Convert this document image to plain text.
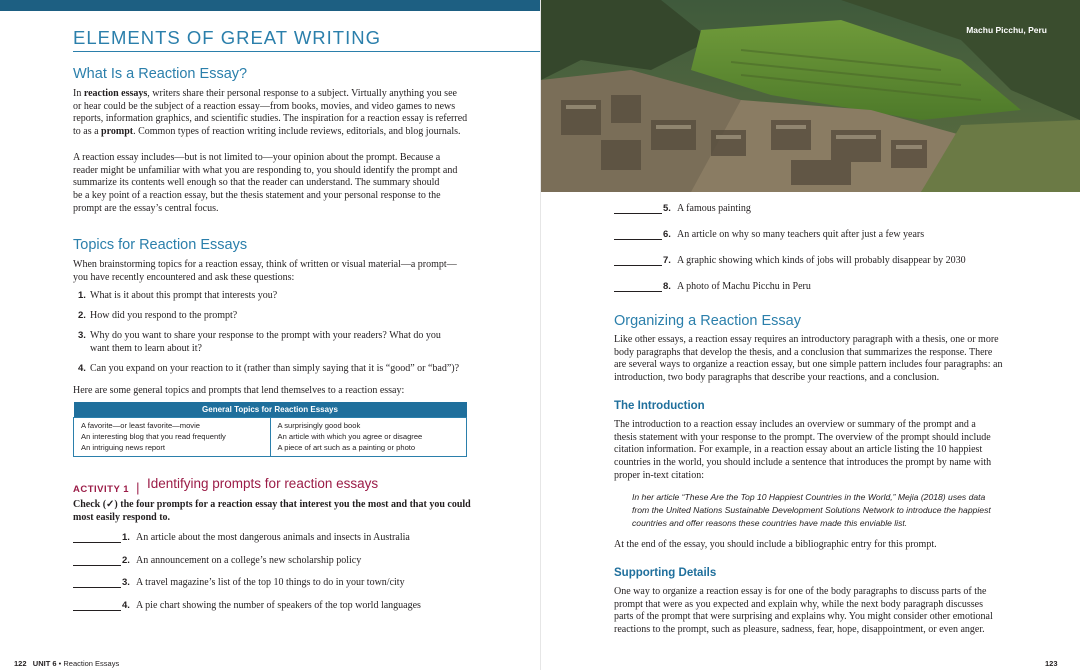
ELEMENTS OF GREAT WRITING
What Is a Reaction Essay?
In reaction essays, writers share their personal response to a subject. Virtually anything you see
or hear could be the subject of a reaction essay—from books, movies, and video games to news
reports, information graphics, and scientific studies. The inspiration for a reaction essay is referred
to as a prompt. Common types of reaction writing include reviews, editorials, and blog journals.
A reaction essay includes—but is not limited to—your opinion about the prompt. Because a
reader might be unfamiliar with what you are responding to, you should identify the prompt and
summarize its contents well enough so that the reader can understand. The summary should
be a key point of a reaction essay, but the thesis statement and your personal response to the
prompt are the essay’s central focus.
Topics for Reaction Essays
When brainstorming topics for a reaction essay, think of written or visual material—a prompt—
you have recently encountered and ask these questions:
1. What is it about this prompt that interests you?
2. How did you respond to the prompt?
3. Why do you want to share your response to the prompt with your readers? What do you
want them to learn about it?
4. Can you expand on your reaction to it (rather than simply saying that it is “good” or “bad”)?
Here are some general topics and prompts that lend themselves to a reaction essay:
General Topics for Reaction Essays

A favorite—or least favorite—movie
An interesting blog that you read frequently
An intriguing news report

A surprisingly good book
An article with which you agree or disagree
A piece of art such as a painting or photo
ACTIVITY 1 | Identifying prompts for reaction essays
Check (✓) the four prompts for a reaction essay that interest you the most and that you could
most easily respond to.
1. An article about the most dangerous animals and insects in Australia
2. An announcement on a college’s new scholarship policy
3. A travel magazine’s list of the top 10 things to do in your town/city
4. A pie chart showing the number of speakers of the top world languages
122 UNIT 6 • Reaction Essays
Machu Picchu, Peru
5. A famous painting
6. An article on why so many teachers quit after just a few years
7. A graphic showing which kinds of jobs will probably disappear by 2030
8. A photo of Machu Picchu in Peru
Organizing a Reaction Essay
Like other essays, a reaction essay requires an introductory paragraph with a thesis, one or more
body paragraphs that develop the thesis, and a conclusion that summarizes the response. There
are several ways to organize a reaction essay, but one simple pattern includes four paragraphs: an
introduction, two body paragraphs that describe your reactions, and a conclusion.
The Introduction
The introduction to a reaction essay includes an overview or summary of the prompt and a
thesis statement with your response to the prompt. The overview of the prompt should include
citation information. For example, in a reaction essay about an article listing the 10 happiest
countries in the world, you should include a sentence that introduces the prompt by name with
proper in-text citation:
In her article “These Are the Top 10 Happiest Countries in the World,” Mejia (2018) uses data
from the United Nations Sustainable Development Solutions Network to introduce the happiest
countries and offer reasons these countries have made this enviable list.
At the end of the essay, you should include a bibliographic entry for this prompt.
Supporting Details
One way to organize a reaction essay is for one of the body paragraphs to discuss parts of the
prompt that were as you expected and explain why, while the next body paragraph discusses
parts of the prompt that were surprising and explains why. You might consider other emotional
reactions to the prompt, such as pleasure, sadness, fear, hope, disappointment, or even anger.
123
